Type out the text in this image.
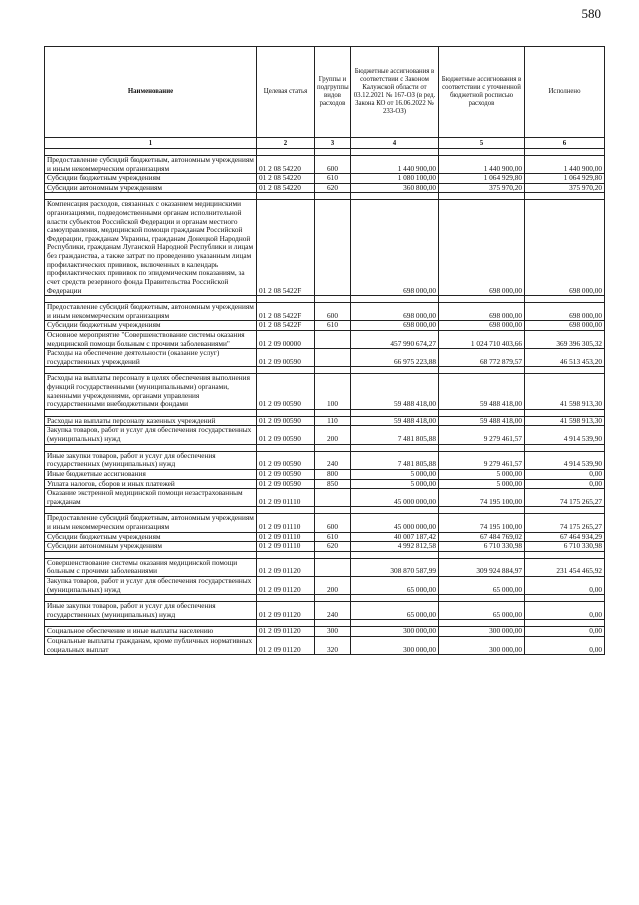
580
Наименование	Целевая статья	Группы и подгруппы видов расходов	Бюджетные ассигнования в соответствии с Законом Калужской области от 03.12.2021 № 167-ОЗ (в ред. Закона КО от 16.06.2022 № 233-ОЗ)	Бюджетные ассигнования в соответствии с уточненной бюджетной росписью расходов	Исполнено
1	2	3	4	5	6

Предоставление субсидий бюджетным, автономным учреждениям и иным некоммерческим организациям	01 2 08 54220	600	1 440 900,00	1 440 900,00	1 440 900,00
Субсидии бюджетным учреждениям	01 2 08 54220	610	1 080 100,00	1 064 929,80	1 064 929,80
Субсидии автономным учреждениям	01 2 08 54220	620	360 800,00	375 970,20	375 970,20

Компенсация расходов, связанных с оказанием медицинскими организациями, подведомственными органам исполнительной власти субъектов Российской Федерации и органам местного самоуправления, медицинской помощи гражданам Российской Федерации, гражданам Украины, гражданам Донецкой Народной Республики, гражданам Луганской Народной Республики и лицам без гражданства, а также затрат по проведению указанным лицам профилактических прививок, включенных в календарь профилактических прививок по эпидемическим показаниям, за счет средств резервного фонда Правительства Российской Федерации	01 2 08 5422F		698 000,00	698 000,00	698 000,00

Предоставление субсидий бюджетным, автономным учреждениям и иным некоммерческим организациям	01 2 08 5422F	600	698 000,00	698 000,00	698 000,00
Субсидии бюджетным учреждениям	01 2 08 5422F	610	698 000,00	698 000,00	698 000,00
Основное мероприятие "Совершенствование системы оказания медицинской помощи больным с прочими заболеваниями"	01 2 09 00000		457 990 674,27	1 024 710 403,66	369 396 305,32
Расходы на обеспечение деятельности (оказание услуг) государственных учреждений	01 2 09 00590		66 975 223,88	68 772 879,57	46 513 453,20

Расходы на выплаты персоналу в целях обеспечения выполнения функций государственными (муниципальными) органами, казенными учреждениями, органами управления государственными внебюджетными фондами	01 2 09 00590	100	59 488 418,00	59 488 418,00	41 598 913,30

Расходы на выплаты персоналу казенных учреждений	01 2 09 00590	110	59 488 418,00	59 488 418,00	41 598 913,30
Закупка товаров, работ и услуг для обеспечения государственных (муниципальных) нужд	01 2 09 00590	200	7 481 805,88	9 279 461,57	4 914 539,90

Иные закупки товаров, работ и услуг для обеспечения государственных (муниципальных) нужд	01 2 09 00590	240	7 481 805,88	9 279 461,57	4 914 539,90
Иные бюджетные ассигнования	01 2 09 00590	800	5 000,00	5 000,00	0,00
Уплата налогов, сборов и иных платежей	01 2 09 00590	850	5 000,00	5 000,00	0,00
Оказание экстренной медицинской помощи незастрахованным гражданам	01 2 09 01110		45 000 000,00	74 195 100,00	74 175 265,27

Предоставление субсидий бюджетным, автономным учреждениям и иным некоммерческим организациям	01 2 09 01110	600	45 000 000,00	74 195 100,00	74 175 265,27
Субсидии бюджетным учреждениям	01 2 09 01110	610	40 007 187,42	67 484 769,02	67 464 934,29
Субсидии автономным учреждениям	01 2 09 01110	620	4 992 812,58	6 710 330,98	6 710 330,98

Совершенствование системы оказания медицинской помощи больным с прочими заболеваниями	01 2 09 01120		308 870 587,99	309 924 884,97	231 454 465,92
Закупка товаров, работ и услуг для обеспечения государственных (муниципальных) нужд	01 2 09 01120	200	65 000,00	65 000,00	0,00

Иные закупки товаров, работ и услуг для обеспечения государственных (муниципальных) нужд	01 2 09 01120	240	65 000,00	65 000,00	0,00

Социальное обеспечение и иные выплаты населению	01 2 09 01120	300	300 000,00	300 000,00	0,00
Социальные выплаты гражданам, кроме публичных нормативных социальных выплат	01 2 09 01120	320	300 000,00	300 000,00	0,00
